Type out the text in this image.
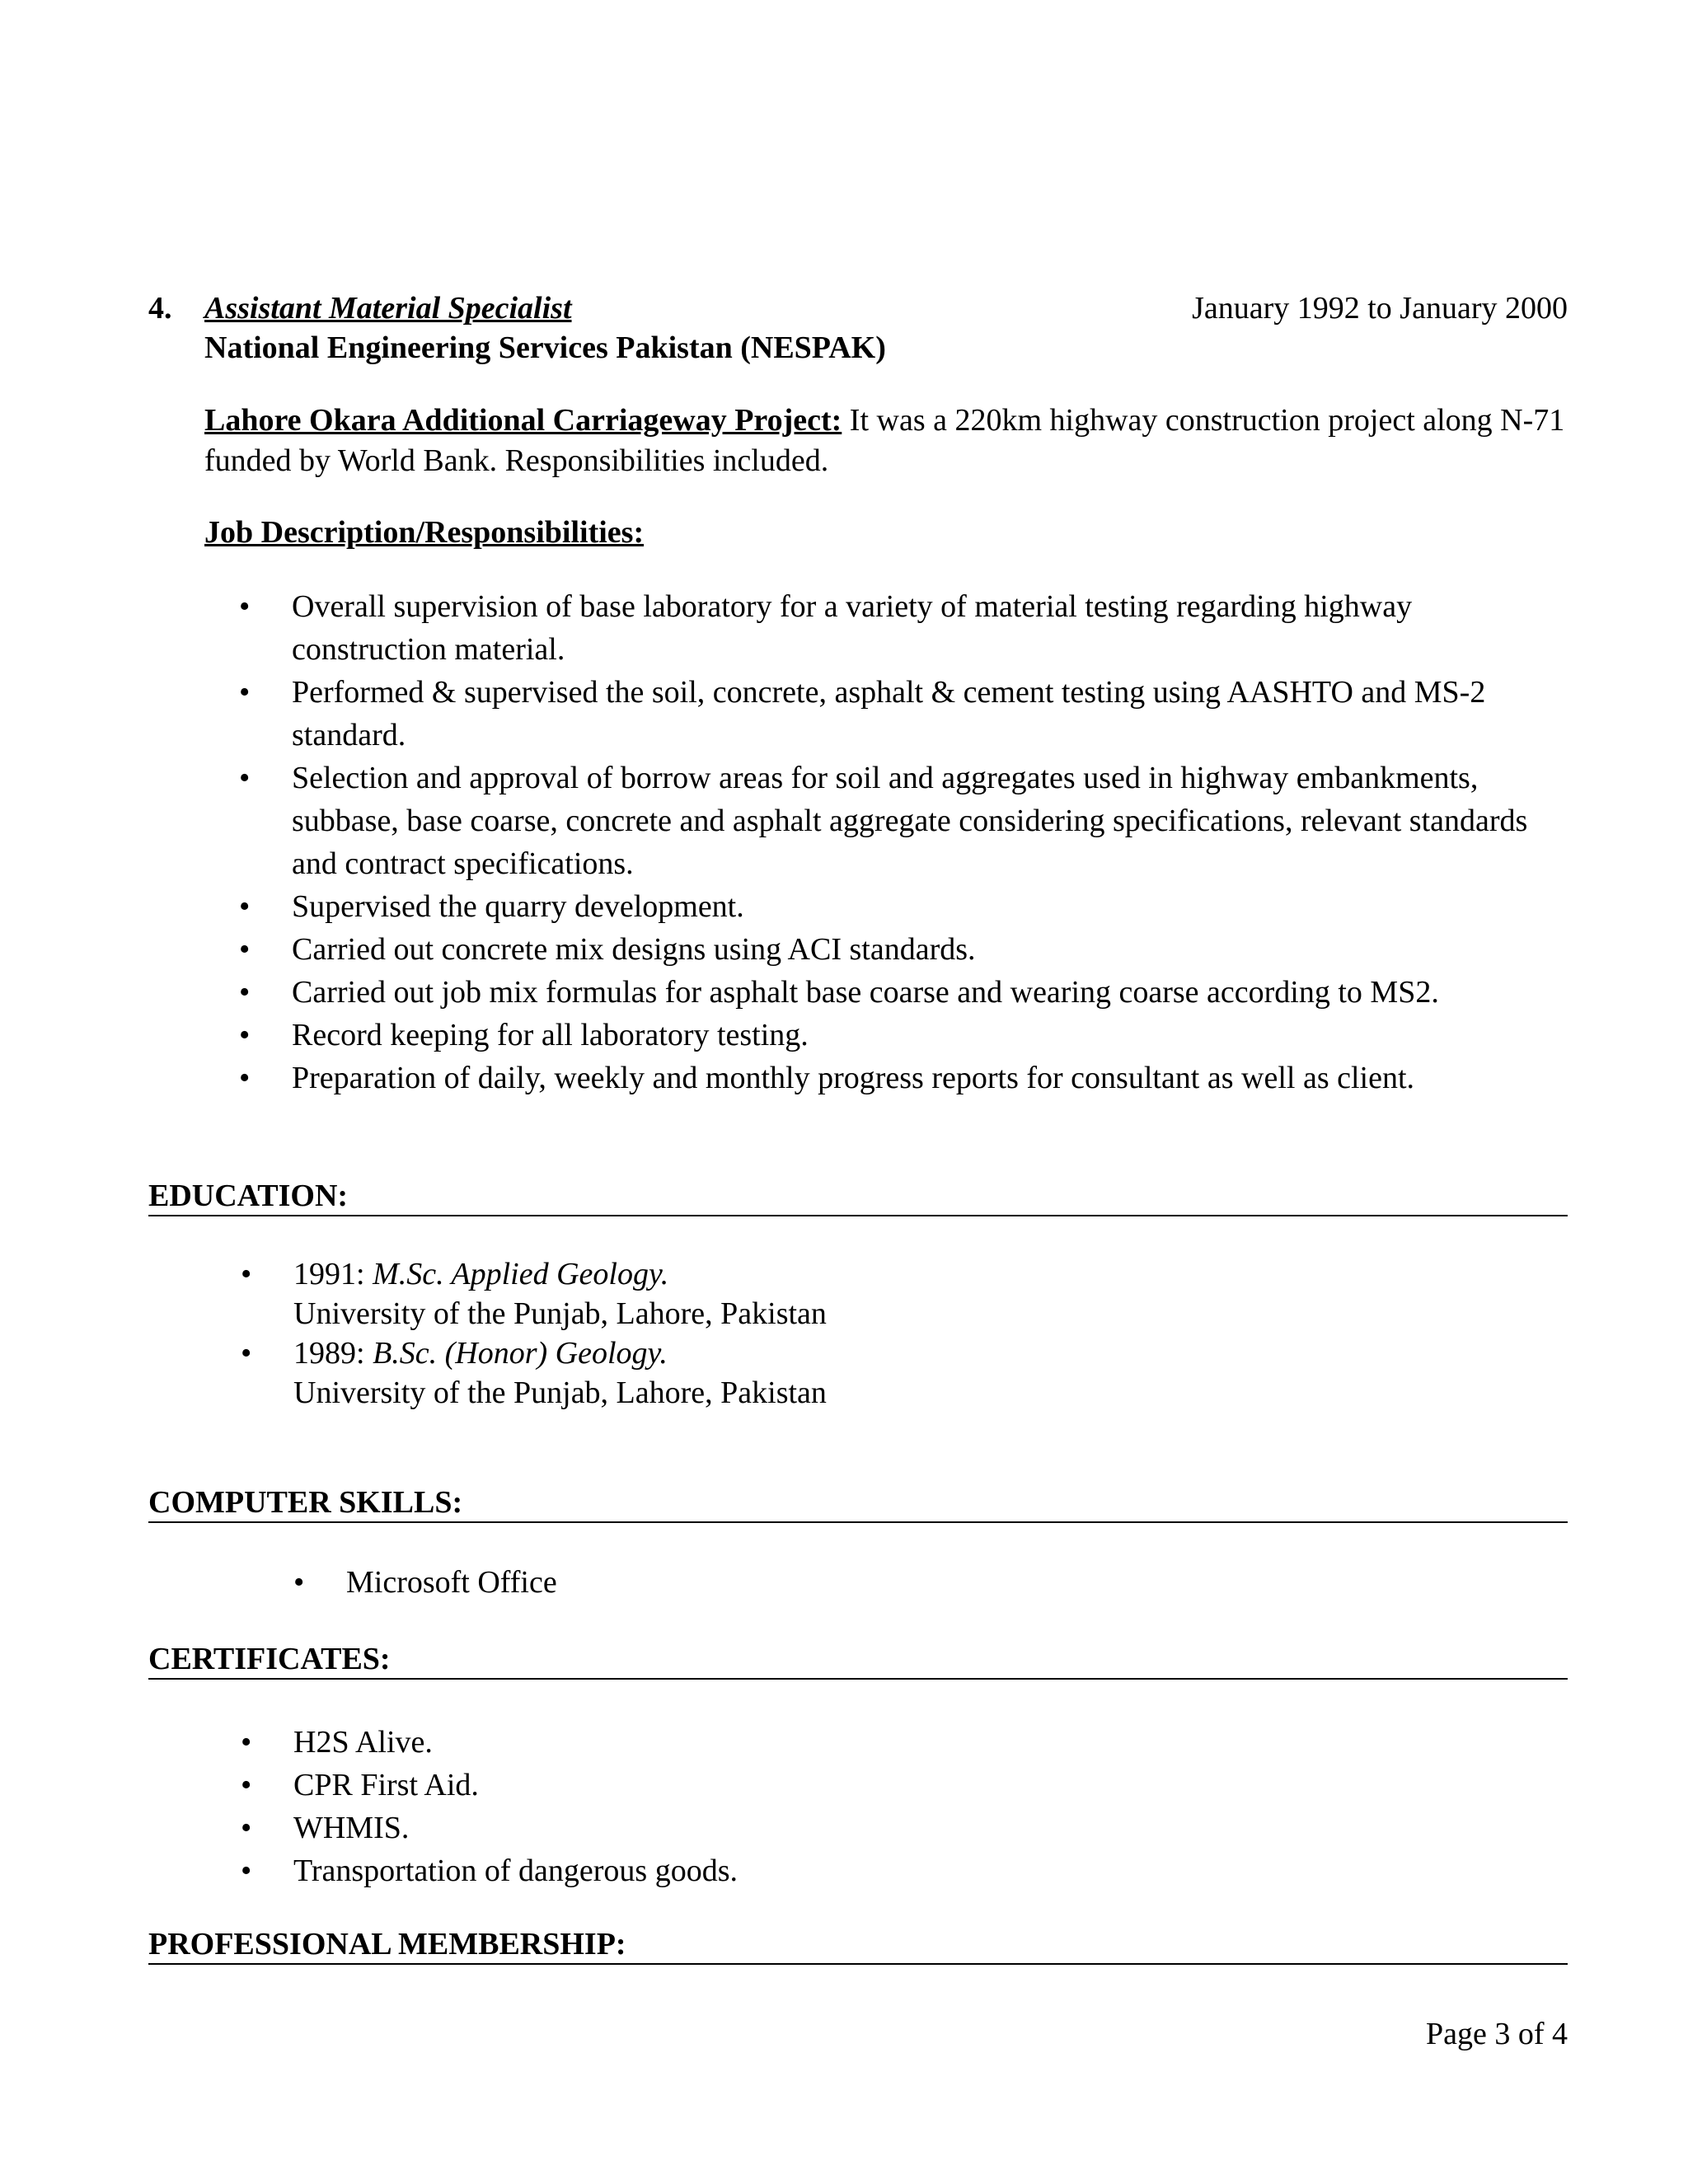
4. Assistant Material Specialist	January 1992 to January 2000
National Engineering Services Pakistan (NESPAK)
Lahore Okara Additional Carriageway Project: It was a 220km highway construction project along N-71 funded by World Bank. Responsibilities included.
Job Description/Responsibilities:
• Overall supervision of base laboratory for a variety of material testing regarding highway construction material.
• Performed & supervised the soil, concrete, asphalt & cement testing using AASHTO and MS-2 standard.
• Selection and approval of borrow areas for soil and aggregates used in highway embankments, subbase, base coarse, concrete and asphalt aggregate considering specifications, relevant standards and contract specifications.
• Supervised the quarry development.
• Carried out concrete mix designs using ACI standards.
• Carried out job mix formulas for asphalt base coarse and wearing coarse according to MS2.
• Record keeping for all laboratory testing.
• Preparation of daily, weekly and monthly progress reports for consultant as well as client.
EDUCATION:
• 1991: M.Sc. Applied Geology.
University of the Punjab, Lahore, Pakistan
• 1989: B.Sc. (Honor) Geology.
University of the Punjab, Lahore, Pakistan
COMPUTER SKILLS:
• Microsoft Office
CERTIFICATES:
• H2S Alive.
• CPR First Aid.
• WHMIS.
• Transportation of dangerous goods.
PROFESSIONAL MEMBERSHIP:
Page 3 of 4
